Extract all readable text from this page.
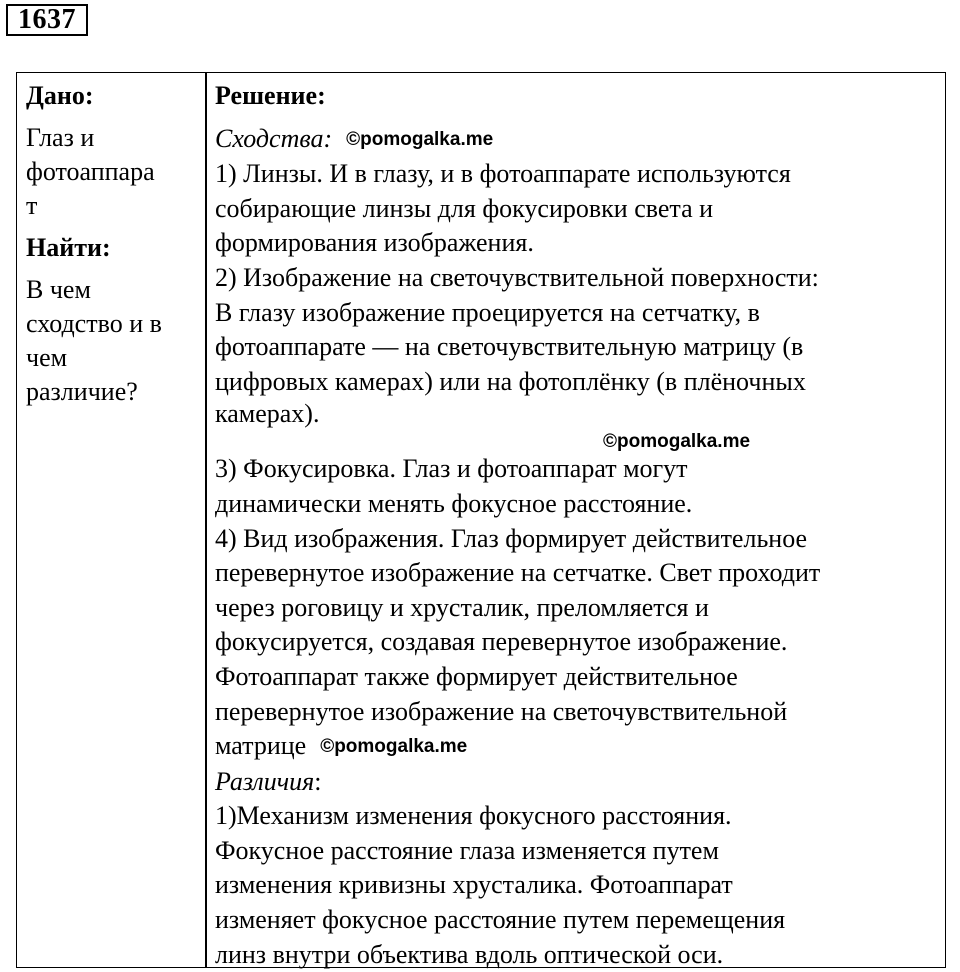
1637
Дано:
Глаз и
фотоаппара
т
Найти:
В чем
сходство и в
чем
различие?
Решение:
Сходства: ©pomogalka.me
1) Линзы. И в глазу, и в фотоаппарате используются
собирающие линзы для фокусировки света и
формирования изображения.
2) Изображение на светочувствительной поверхности:
В глазу изображение проецируется на сетчатку, в
фотоаппарате — на светочувствительную матрицу (в
цифровых камерах) или на фотоплёнку (в плёночных
камерах).
©pomogalka.me
3) Фокусировка. Глаз и фотоаппарат могут
динамически менять фокусное расстояние.
4) Вид изображения. Глаз формирует действительное
перевернутое изображение на сетчатке. Свет проходит
через роговицу и хрусталик, преломляется и
фокусируется, создавая перевернутое изображение.
Фотоаппарат также формирует действительное
перевернутое изображение на светочувствительной
матрице ©pomogalka.me
Различия:
1)Механизм изменения фокусного расстояния.
Фокусное расстояние глаза изменяется путем
изменения кривизны хрусталика. Фотоаппарат
изменяет фокусное расстояние путем перемещения
линз внутри объектива вдоль оптической оси.
